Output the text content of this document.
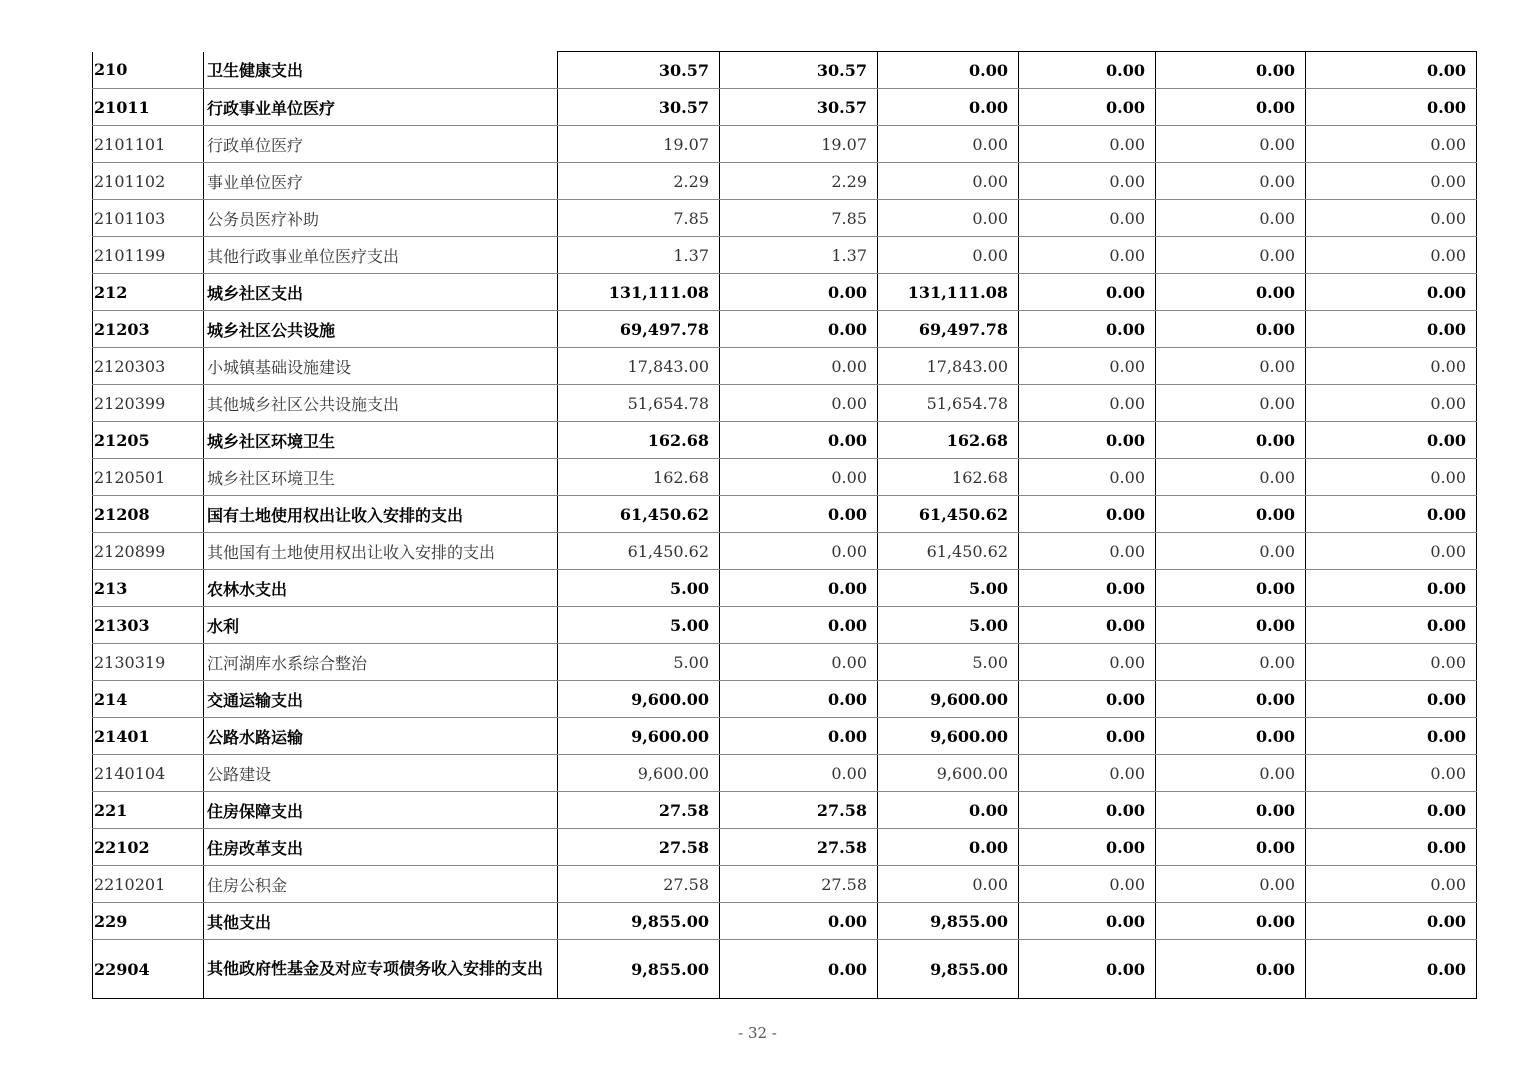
210	卫生健康支出	30.57	30.57	0.00	0.00	0.00	0.00
21011	行政事业单位医疗	30.57	30.57	0.00	0.00	0.00	0.00
2101101	行政单位医疗	19.07	19.07	0.00	0.00	0.00	0.00
2101102	事业单位医疗	2.29	2.29	0.00	0.00	0.00	0.00
2101103	公务员医疗补助	7.85	7.85	0.00	0.00	0.00	0.00
2101199	其他行政事业单位医疗支出	1.37	1.37	0.00	0.00	0.00	0.00
212	城乡社区支出	131,111.08	0.00	131,111.08	0.00	0.00	0.00
21203	城乡社区公共设施	69,497.78	0.00	69,497.78	0.00	0.00	0.00
2120303	小城镇基础设施建设	17,843.00	0.00	17,843.00	0.00	0.00	0.00
2120399	其他城乡社区公共设施支出	51,654.78	0.00	51,654.78	0.00	0.00	0.00
21205	城乡社区环境卫生	162.68	0.00	162.68	0.00	0.00	0.00
2120501	城乡社区环境卫生	162.68	0.00	162.68	0.00	0.00	0.00
21208	国有土地使用权出让收入安排的支出	61,450.62	0.00	61,450.62	0.00	0.00	0.00
2120899	其他国有土地使用权出让收入安排的支出	61,450.62	0.00	61,450.62	0.00	0.00	0.00
213	农林水支出	5.00	0.00	5.00	0.00	0.00	0.00
21303	水利	5.00	0.00	5.00	0.00	0.00	0.00
2130319	江河湖库水系综合整治	5.00	0.00	5.00	0.00	0.00	0.00
214	交通运输支出	9,600.00	0.00	9,600.00	0.00	0.00	0.00
21401	公路水路运输	9,600.00	0.00	9,600.00	0.00	0.00	0.00
2140104	公路建设	9,600.00	0.00	9,600.00	0.00	0.00	0.00
221	住房保障支出	27.58	27.58	0.00	0.00	0.00	0.00
22102	住房改革支出	27.58	27.58	0.00	0.00	0.00	0.00
2210201	住房公积金	27.58	27.58	0.00	0.00	0.00	0.00
229	其他支出	9,855.00	0.00	9,855.00	0.00	0.00	0.00
22904	其他政府性基金及对应专项债务收入安排的支出	9,855.00	0.00	9,855.00	0.00	0.00	0.00
- 32 -
